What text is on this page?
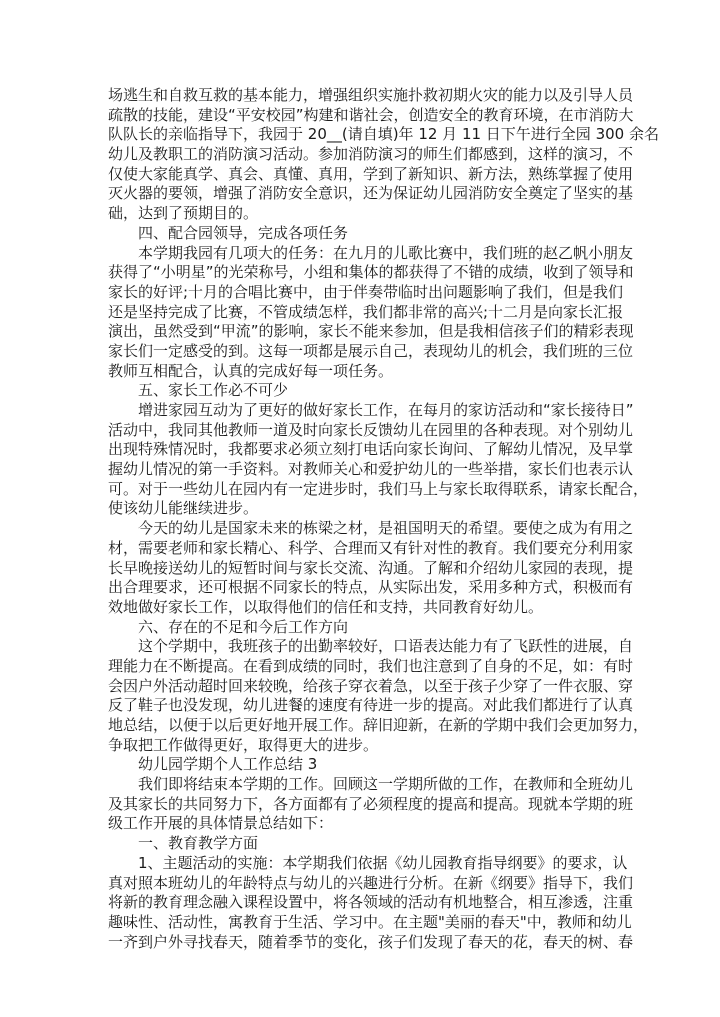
场逃生和自救互救的基本能力，增强组织实施扑救初期火灾的能力以及引导人员
疏散的技能，建设“平安校园”构建和谐社会，创造安全的教育环境，在市消防大
队队长的亲临指导下，我园于 20__(请自填)年 12 月 11 日下午进行全园 300 余名
幼儿及教职工的消防演习活动。参加消防演习的师生们都感到，这样的演习，不
仅使大家能真学、真会、真懂、真用，学到了新知识、新方法，熟练掌握了使用
灭火器的要领，增强了消防安全意识，还为保证幼儿园消防安全奠定了坚实的基
础，达到了预期目的。
四、配合园领导，完成各项任务
本学期我园有几项大的任务：在九月的儿歌比赛中，我们班的赵乙帆小朋友
获得了“小明星”的光荣称号，小组和集体的都获得了不错的成绩，收到了领导和
家长的好评;十月的合唱比赛中，由于伴奏带临时出问题影响了我们，但是我们
还是坚持完成了比赛，不管成绩怎样，我们都非常的高兴;十二月是向家长汇报
演出，虽然受到“甲流”的影响，家长不能来参加，但是我相信孩子们的精彩表现
家长们一定感受的到。这每一项都是展示自己，表现幼儿的机会，我们班的三位
教师互相配合，认真的完成好每一项任务。
五、家长工作必不可少
增进家园互动为了更好的做好家长工作，在每月的家访活动和“家长接待日”
活动中，我同其他教师一道及时向家长反馈幼儿在园里的各种表现。对个别幼儿
出现特殊情况时，我都要求必须立刻打电话向家长询问、了解幼儿情况，及早掌
握幼儿情况的第一手资料。对教师关心和爱护幼儿的一些举措，家长们也表示认
可。对于一些幼儿在园内有一定进步时，我们马上与家长取得联系，请家长配合，
使该幼儿能继续进步。
今天的幼儿是国家未来的栋梁之材，是祖国明天的希望。要使之成为有用之
材，需要老师和家长精心、科学、合理而又有针对性的教育。我们要充分利用家
长早晚接送幼儿的短暂时间与家长交流、沟通。了解和介绍幼儿家园的表现，提
出合理要求，还可根据不同家长的特点，从实际出发，采用多种方式，积极而有
效地做好家长工作，以取得他们的信任和支持，共同教育好幼儿。
六、存在的不足和今后工作方向
这个学期中，我班孩子的出勤率较好，口语表达能力有了飞跃性的进展，自
理能力在不断提高。在看到成绩的同时，我们也注意到了自身的不足，如：有时
会因户外活动超时回来较晚，给孩子穿衣着急，以至于孩子少穿了一件衣服、穿
反了鞋子也没发现，幼儿进餐的速度有待进一步的提高。对此我们都进行了认真
地总结，以便于以后更好地开展工作。辞旧迎新，在新的学期中我们会更加努力，
争取把工作做得更好，取得更大的进步。
幼儿园学期个人工作总结 3
我们即将结束本学期的工作。回顾这一学期所做的工作，在教师和全班幼儿
及其家长的共同努力下，各方面都有了必须程度的提高和提高。现就本学期的班
级工作开展的具体情景总结如下：
一、教育教学方面
1、主题活动的实施：本学期我们依据《幼儿园教育指导纲要》的要求，认
真对照本班幼儿的年龄特点与幼儿的兴趣进行分析。在新《纲要》指导下，我们
将新的教育理念融入课程设置中，将各领域的活动有机地整合，相互渗透，注重
趣味性、活动性，寓教育于生活、学习中。在主题"美丽的春天"中，教师和幼儿
一齐到户外寻找春天，随着季节的变化，孩子们发现了春天的花，春天的树、春
